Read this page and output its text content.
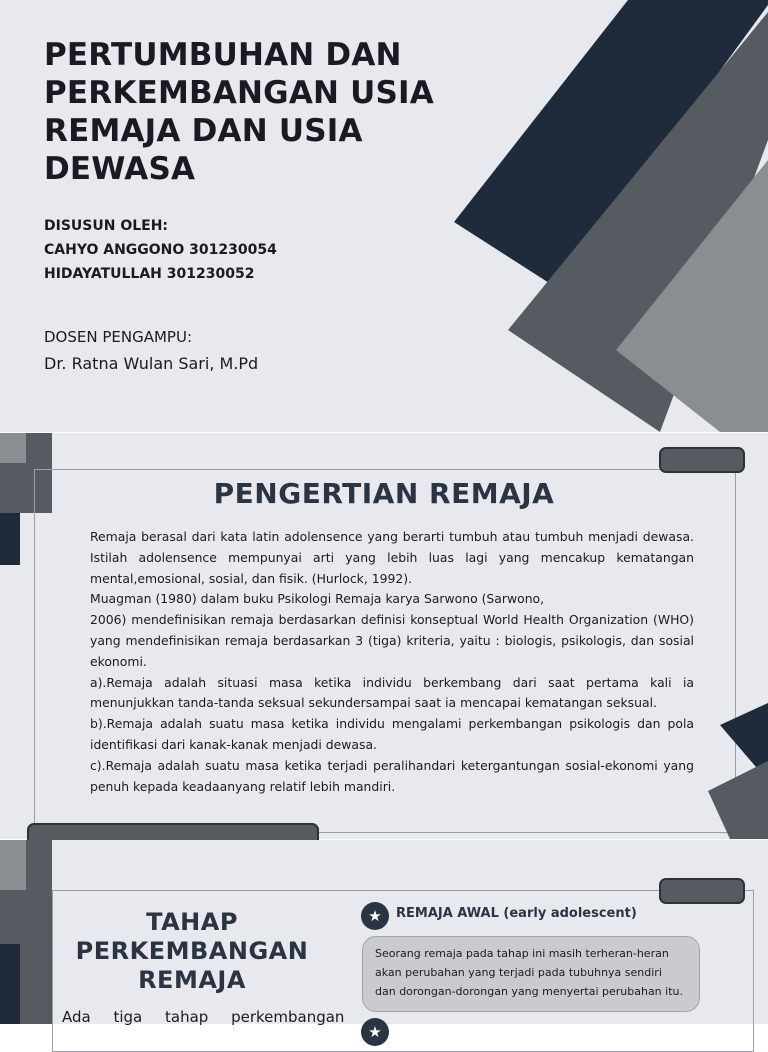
PERTUMBUHAN DAN PERKEMBANGAN USIA REMAJA DAN USIA DEWASA
DISUSUN OLEH:
CAHYO ANGGONO 301230054
HIDAYATULLAH 301230052
DOSEN PENGAMPU:
Dr. Ratna Wulan Sari, M.Pd
PENGERTIAN REMAJA

Remaja berasal dari kata latin adolensence yang berarti tumbuh atau tumbuh menjadi dewasa. Istilah adolensence mempunyai arti yang lebih luas lagi yang mencakup kematangan mental,emosional, sosial, dan fisik. (Hurlock, 1992).

Muagman (1980) dalam buku Psikologi Remaja karya Sarwono (Sarwono,

2006) mendefinisikan remaja berdasarkan definisi konseptual World Health Organization (WHO) yang mendefinisikan remaja berdasarkan 3 (tiga) kriteria, yaitu : biologis, psikologis, dan sosial ekonomi.

a).Remaja adalah situasi masa ketika individu berkembang dari saat pertama kali ia menunjukkan tanda-tanda seksual sekundersampai saat ia mencapai kematangan seksual.

b).Remaja adalah suatu masa ketika individu mengalami perkembangan psikologis dan pola identifikasi dari kanak-kanak menjadi dewasa.

c).Remaja adalah suatu masa ketika terjadi peralihandari ketergantungan sosial-ekonomi yang penuh kepada keadaanyang relatif lebih mandiri.

TAHAP PERKEMBANGAN REMAJA
Ada tiga tahap perkembangan
★	REMAJA AWAL (early adolescent)
Seorang remaja pada tahap ini masih terheran-heran
akan perubahan yang terjadi pada tubuhnya sendiri
dan dorongan-dorongan yang menyertai perubahan itu.
★
